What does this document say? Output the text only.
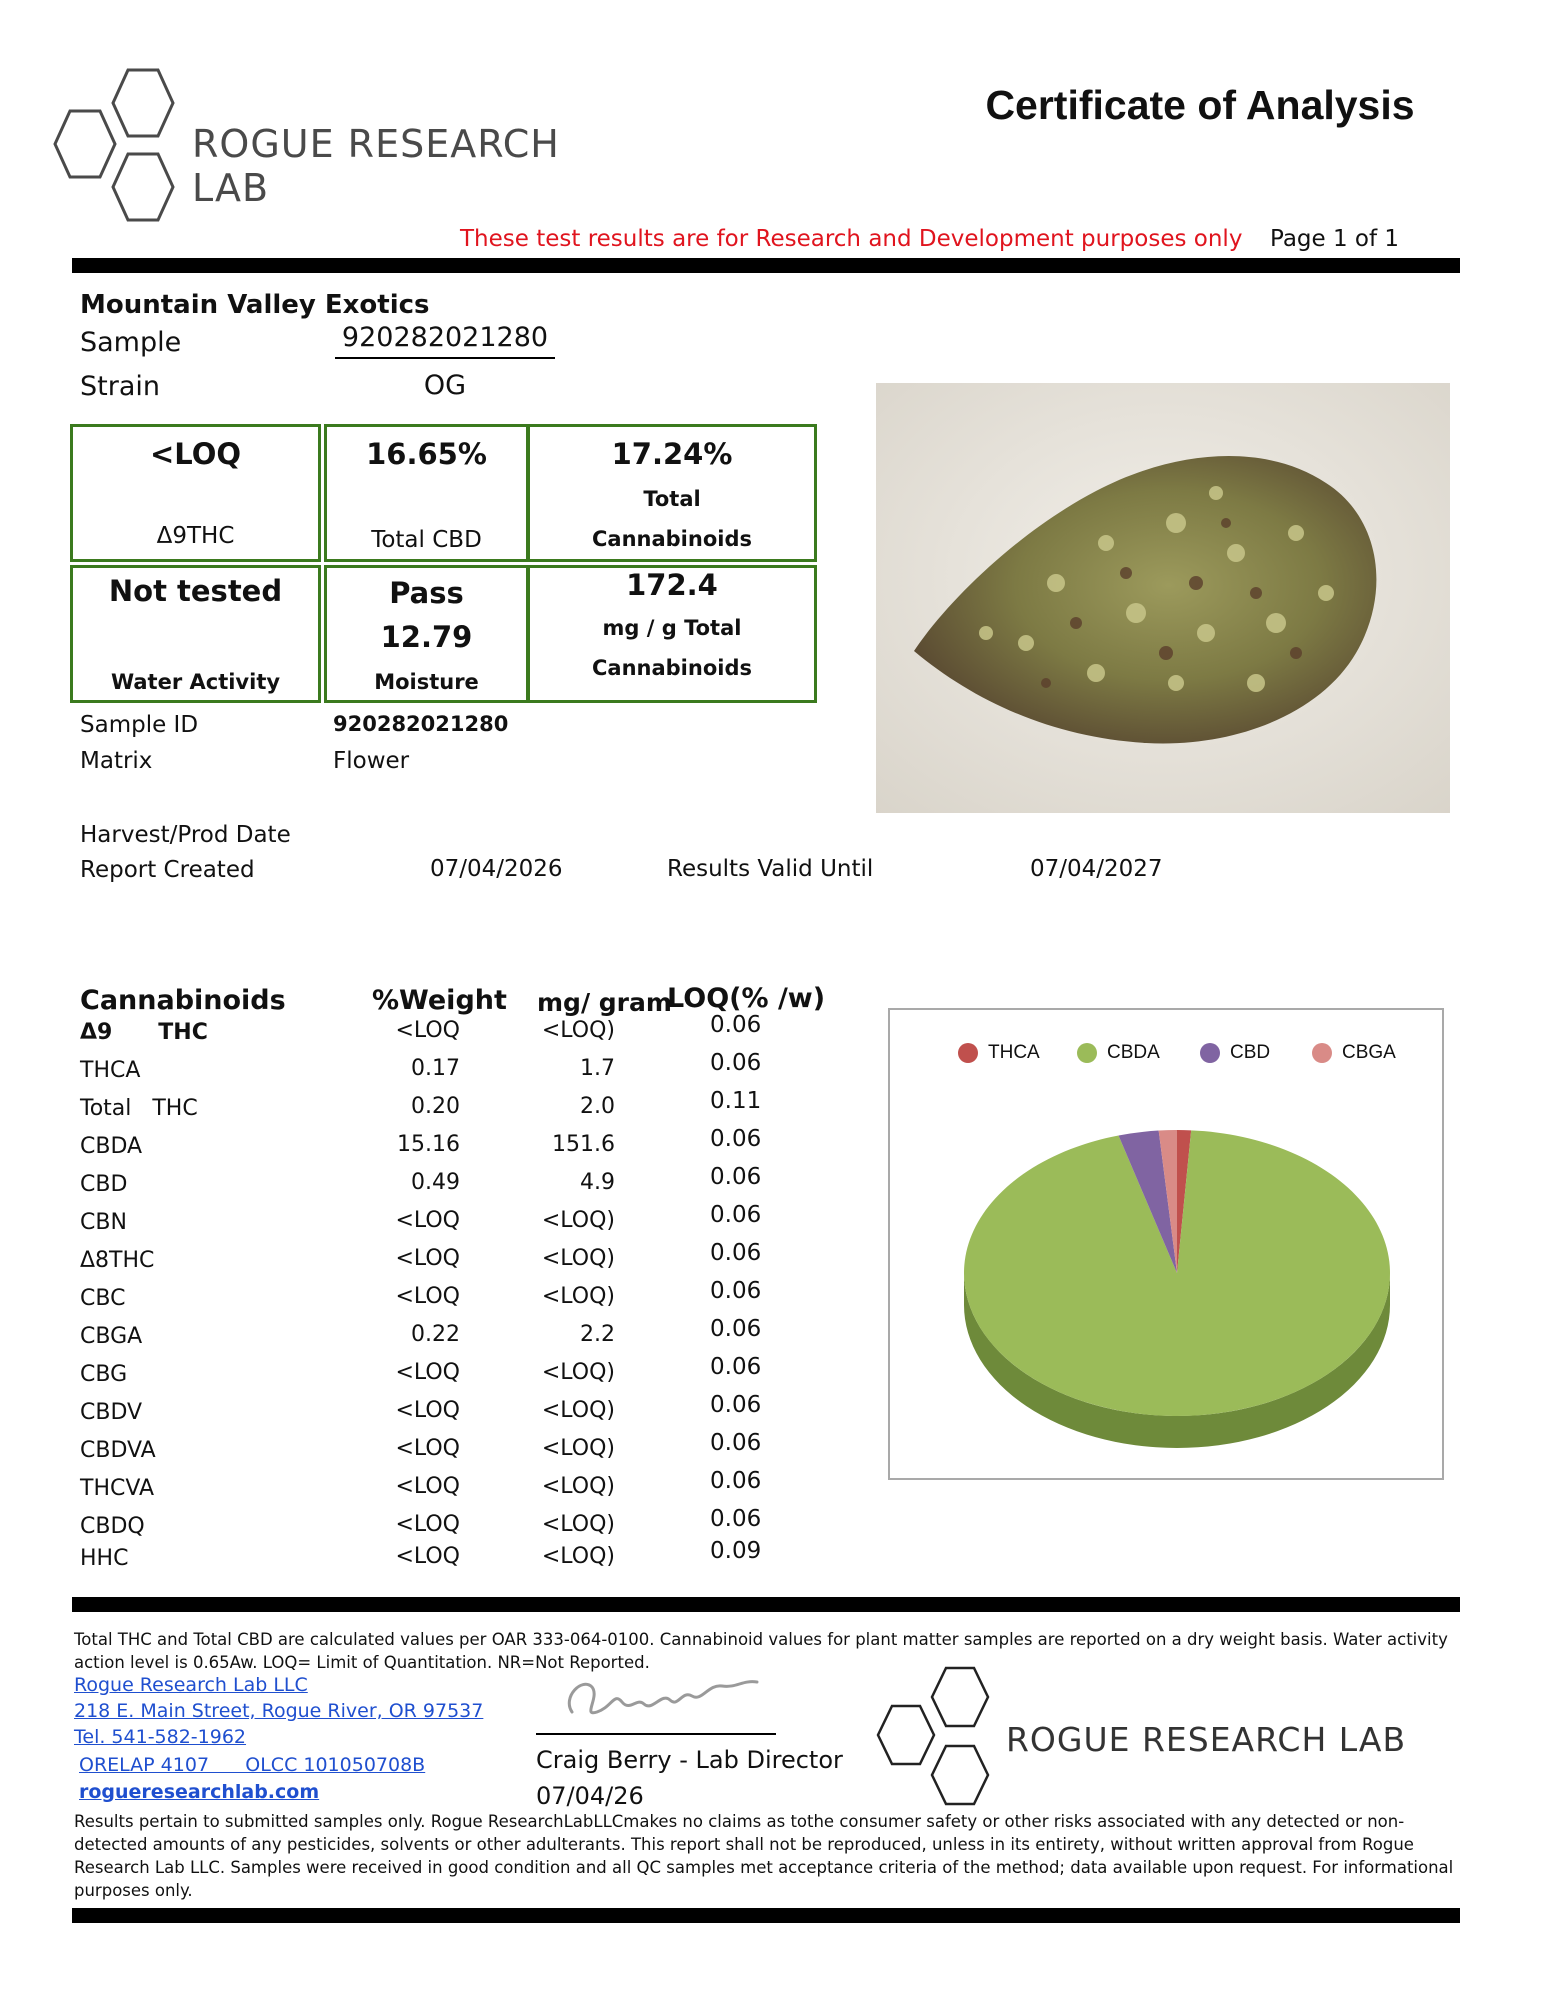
ROGUE RESEARCH LAB
Certificate of Analysis
These test results are for Research and Development purposes only Page 1 of 1
Mountain Valley Exotics
Sample	920282021280
Strain	OG
<LOQ
Δ9THC
16.65%
Total CBD
17.24%
Total
Cannabinoids
Not tested
Water Activity
Pass
12.79
Moisture
172.4
mg / g Total
Cannabinoids
Sample ID	920282021280
Matrix	Flower
Harvest/Prod Date
Report Created	07/04/2026	Results Valid Until	07/04/2027
Cannabinoids	%Weight mg/ gram
LOQ(% /w)
Δ9      THC	<LOQ	<LOQ)	0.06
THCA	0.17	1.7	0.06
Total   THC	0.20	2.0	0.11
CBDA	15.16	151.6	0.06
CBD	0.49	4.9	0.06
CBN	<LOQ	<LOQ)	0.06
Δ8THC	<LOQ	<LOQ)	0.06
CBC	<LOQ	<LOQ)	0.06
CBGA	0.22	2.2	0.06
CBG	<LOQ	<LOQ)	0.06
CBDV	<LOQ	<LOQ)	0.06
CBDVA	<LOQ	<LOQ)	0.06
THCVA	<LOQ	<LOQ)	0.06
CBDQ	<LOQ	<LOQ)	0.06
HHC	<LOQ	<LOQ)	0.09
THCA	CBDA	CBD	CBGA
Total THC and Total CBD are calculated values per OAR 333-064-0100. Cannabinoid values for plant matter samples are reported on a dry weight basis. Water activity action level is 0.65Aw. LOQ= Limit of Quantitation. NR=Not Reported.
Rogue Research Lab LLC
218 E. Main Street, Rogue River, OR 97537
Tel. 541-582-1962
ORELAP 4107      OLCC 101050708B
rogueresearchlab.com
Craig Berry - Lab Director
07/04/26
ROGUE RESEARCH LAB
Results pertain to submitted samples only. Rogue ResearchLabLLCmakes no claims as tothe consumer safety or other risks associated with any detected or non-detected amounts of any pesticides, solvents or other adulterants. This report shall not be reproduced, unless in its entirety, without written approval from Rogue Research Lab LLC. Samples were received in good condition and all QC samples met acceptance criteria of the method; data available upon request. For informational purposes only.
